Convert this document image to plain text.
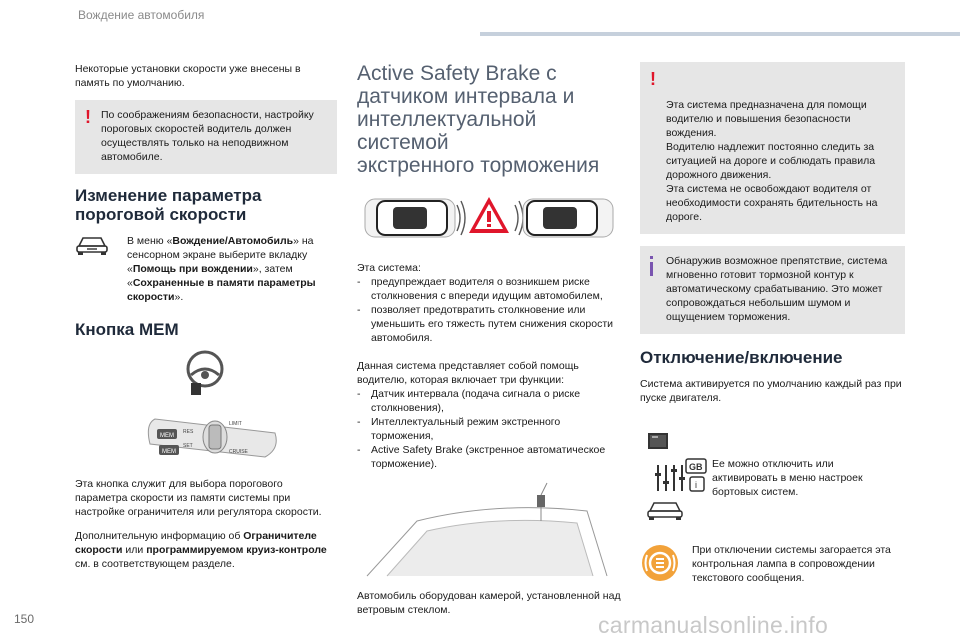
Вождение автомобиля
150	carmanualsonline.info
Некоторые установки скорости уже внесены в память по умолчанию.
! По соображениям безопасности, настройку пороговых скоростей водитель должен осуществлять только на неподвижном автомобиле.
Изменение параметра
пороговой скорости
В меню «Вождение/Автомобиль» на сенсорном экране выберите вкладку «Помощь при вождении», затем «Сохраненные в памяти параметры скорости».
Кнопка MEM
MEM
MEM
LIMIT
CRUISE
RES
SET
Эта кнопка служит для выбора порогового параметра скорости из памяти системы при настройке ограничителя или регулятора скорости.
Дополнительную информацию об Ограничителе скорости или программируемом круиз-контроле см. в соответствующем разделе.
Active Safety Brake с
датчиком интервала и
интеллектуальной системой
экстренного торможения
Эта система:
- предупреждает водителя о возникшем риске столкновения с впереди идущим автомобилем,
- позволяет предотвратить столкновение или уменьшить его тяжесть путем снижения скорости автомобиля.
Данная система представляет собой помощь водителю, которая включает три функции:
- Датчик интервала (подача сигнала о риске столкновения),
- Интеллектуальный режим экстренного торможения,
- Active Safety Brake (экстренное автоматическое торможение).
Автомобиль оборудован камерой, установленной над ветровым стеклом.

!

Эта система предназначена для помощи водителю и повышения безопасности вождения.
Водителю надлежит постоянно следить за ситуацией на дороге и соблюдать правила дорожного движения.
Эта система не освобождают водителя от необходимости сохранять бдительность на дороге.

Обнаружив возможное препятствие, система мгновенно готовит тормозной контур к автоматическому срабатыванию. Это может сопровождаться небольшим шумом и ощущением торможения.
Отключение/включение
Система активируется по умолчанию каждый раз при пуске двигателя.
GB
i
Ее можно отключить или активировать в меню настроек бортовых систем.
При отключении системы загорается эта контрольная лампа в сопровождении текстового сообщения.
